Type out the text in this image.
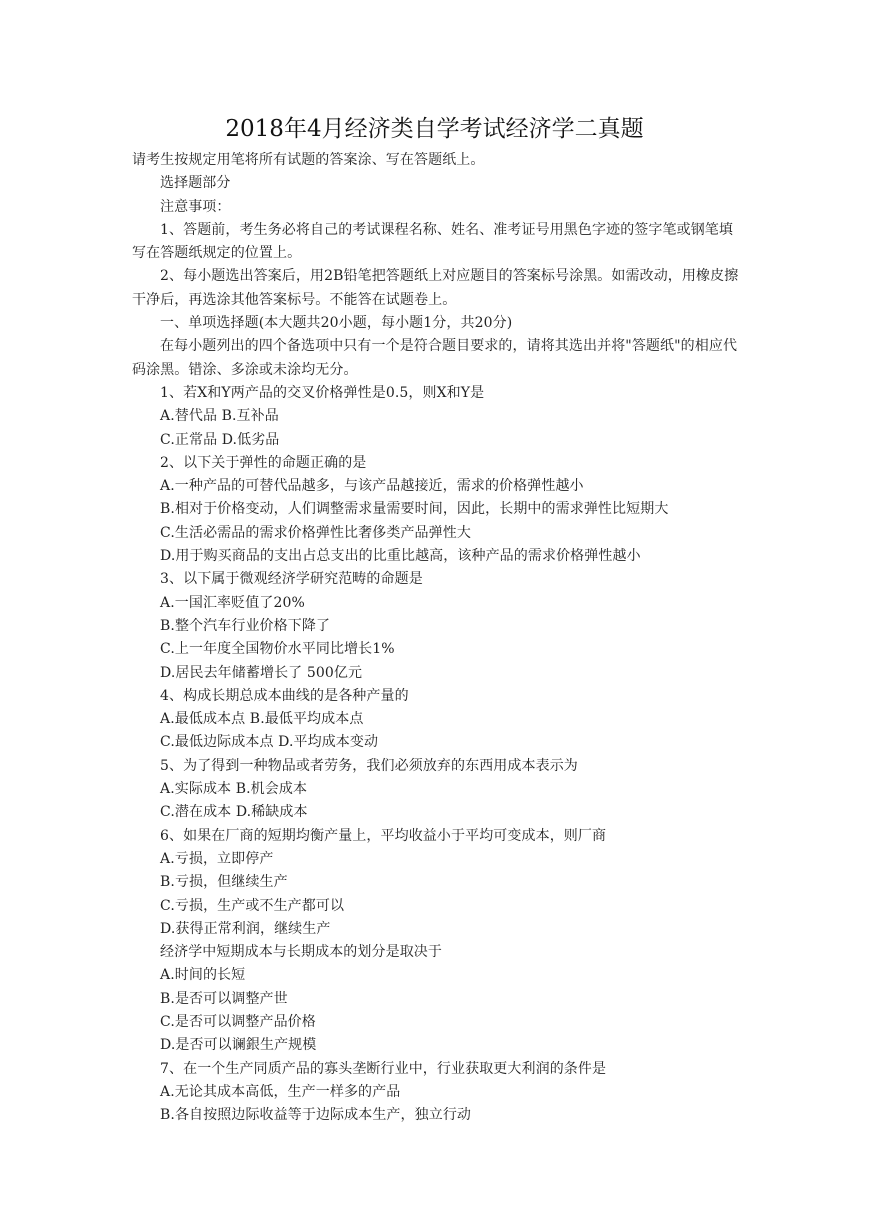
2018年4月经济类自学考试经济学二真题
请考生按规定用笔将所有试题的答案涂、写在答题纸上。
选择题部分
注意事项：
1、答题前，考生务必将自己的考试课程名称、姓名、准考证号用黑色字迹的签字笔或钢笔填写在答题纸规定的位置上。
2、每小题选出答案后，用2B铅笔把答题纸上对应题目的答案标号涂黑。如需改动，用橡皮擦干净后，再选涂其他答案标号。不能答在试题卷上。
一、单项选择题(本大题共20小题，每小题1分，共20分)
在每小题列出的四个备选项中只有一个是符合题目要求的，请将其选出并将"答题纸"的相应代码涂黑。错涂、多涂或未涂均无分。
1、若X和Y两产品的交叉价格弹性是0.5，则X和Y是
A.替代品 B.互补品
C.正常品 D.低劣品
2、以下关于弹性的命题正确的是
A.一种产品的可替代品越多，与该产品越接近，需求的价格弹性越小
B.相对于价格变动，人们调整需求量需要时间，因此，长期中的需求弹性比短期大
C.生活必需品的需求价格弹性比奢侈类产品弹性大
D.用于购买商品的支出占总支出的比重比越高，该种产品的需求价格弹性越小
3、以下属于微观经济学研究范畴的命题是
A.一国汇率贬值了20%
B.整个汽车行业价格下降了
C.上一年度全国物价水平同比增长1%
D.居民去年储蓄增长了 500亿元
4、构成长期总成本曲线的是各种产量的
A.最低成本点 B.最低平均成本点
C.最低边际成本点 D.平均成本变动
5、为了得到一种物品或者劳务，我们必须放弃的东西用成本表示为
A.实际成本 B.机会成本
C.潜在成本 D.稀缺成本
6、如果在厂商的短期均衡产量上，平均收益小于平均可变成本，则厂商
A.亏损，立即停产
B.亏损，但继续生产
C.亏损，生产或不生产都可以
D.获得正常利润，继续生产
经济学中短期成本与长期成本的划分是取决于
A.时间的长短
B.是否可以调整产世
C.是否可以调整产品价格
D.是否可以谰銀生产规模
7、在一个生产同质产品的寡头垄断行业中，行业获取更大利润的条件是
A.无论其成本高低，生产一样多的产品
B.各自按照边际收益等于边际成本生产，独立行动
